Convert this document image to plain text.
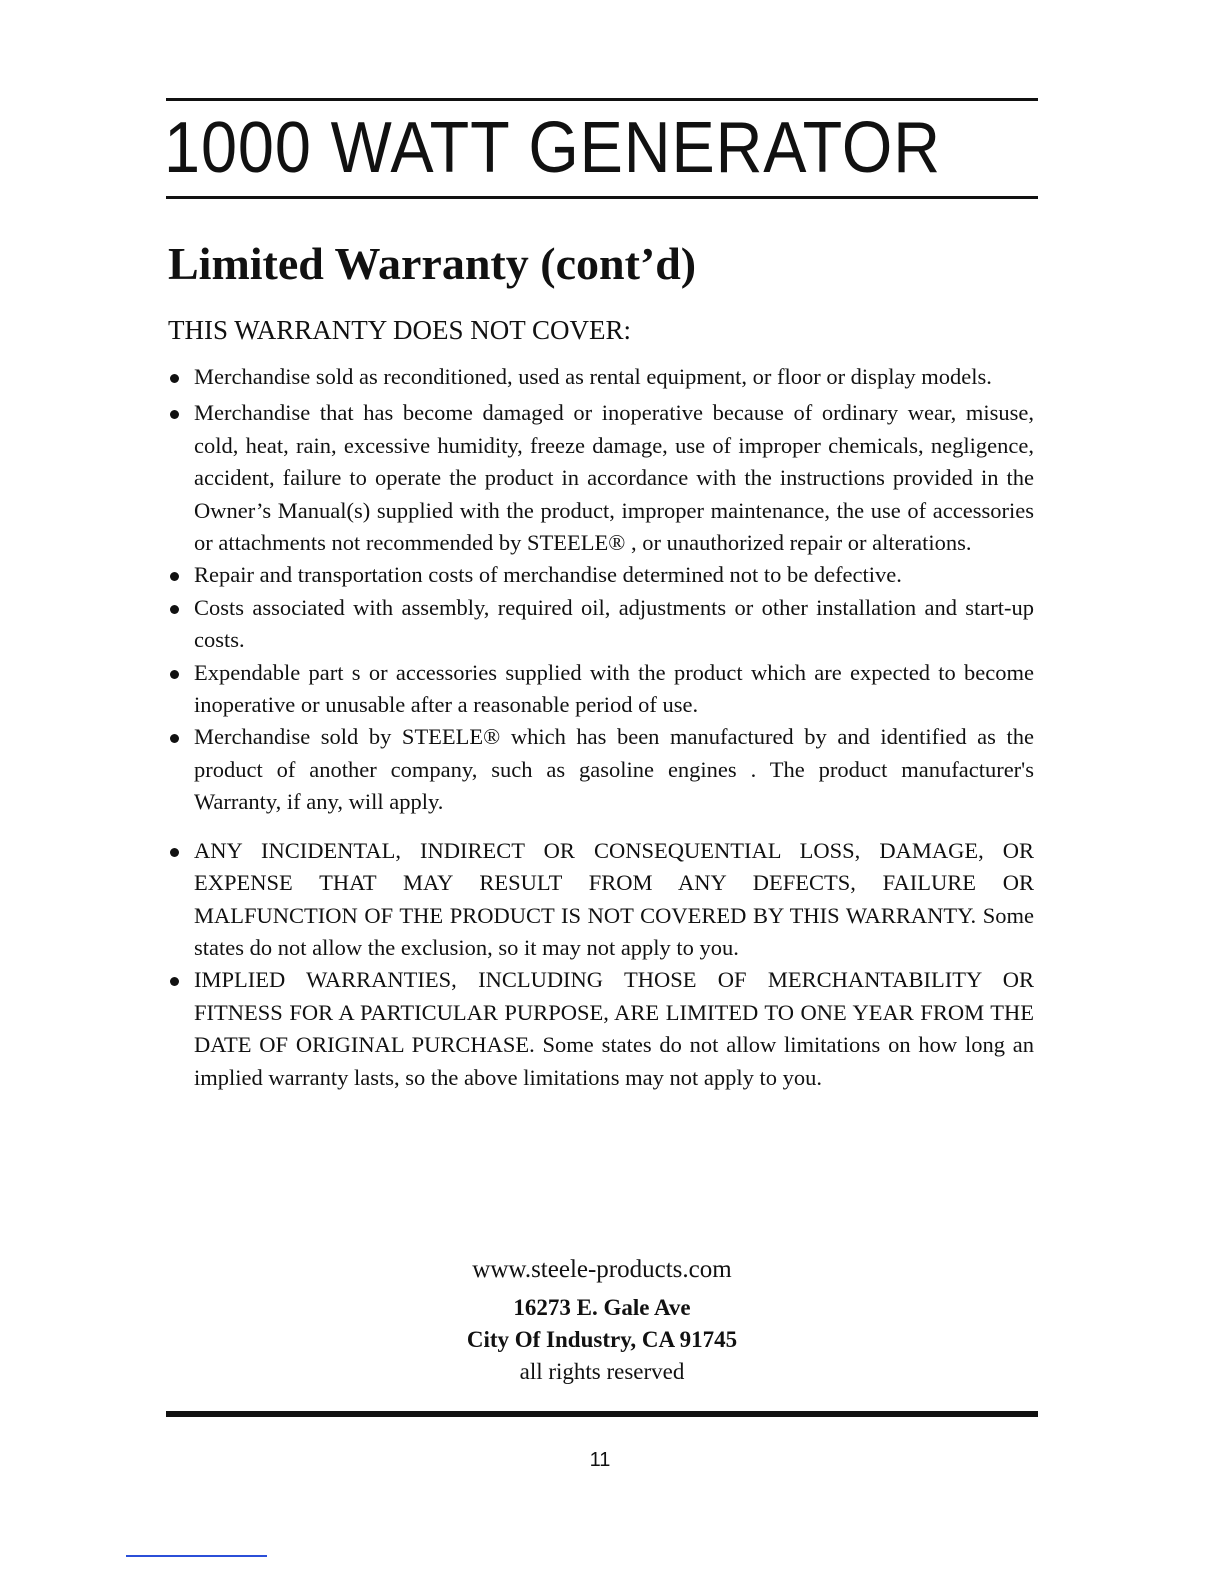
1000 WATT GENERATOR
Limited Warranty (cont’d)

THIS WARRANTY DOES NOT COVER:

Merchandise sold as reconditioned, used as rental equipment, or floor or display models.
Merchandise that has become damaged or inoperative because of ordinary wear, misuse, cold, heat, rain, excessive humidity, freeze damage, use of improper chemicals, negligence, accident, failure to operate the product in accordance with the instructions provided in the Owner’s Manual(s) supplied with the product, improper maintenance, the use of accessories or attachments not recommended by STEELE® , or unauthorized repair or alterations.
Repair and transportation costs of merchandise determined not to be defective.
Costs associated with assembly, required oil, adjustments or other installation and start-up costs.
Expendable part s or accessories supplied with the product which are expected to become inoperative or unusable after a reasonable period of use.
Merchandise sold by STEELE® which has been manufactured by and identified as the product of another company, such as gasoline engines . The product manufacturer's Warranty, if any, will apply.
ANY INCIDENTAL, INDIRECT OR CONSEQUENTIAL LOSS, DAMAGE, OR EXPENSE THAT MAY RESULT FROM ANY DEFECTS, FAILURE OR MALFUNCTION OF THE PRODUCT IS NOT COVERED BY THIS WARRANTY. Some states do not allow the exclusion, so it may not apply to you.
IMPLIED WARRANTIES, INCLUDING THOSE OF MERCHANTABILITY OR FITNESS FOR A PARTICULAR PURPOSE, ARE LIMITED TO ONE YEAR FROM THE DATE OF ORIGINAL PURCHASE. Some states do not allow limitations on how long an implied warranty lasts, so the above limitations may not apply to you.

www.steele-products.com

16273 E. Gale Ave

City Of Industry, CA 91745

all rights reserved

11
